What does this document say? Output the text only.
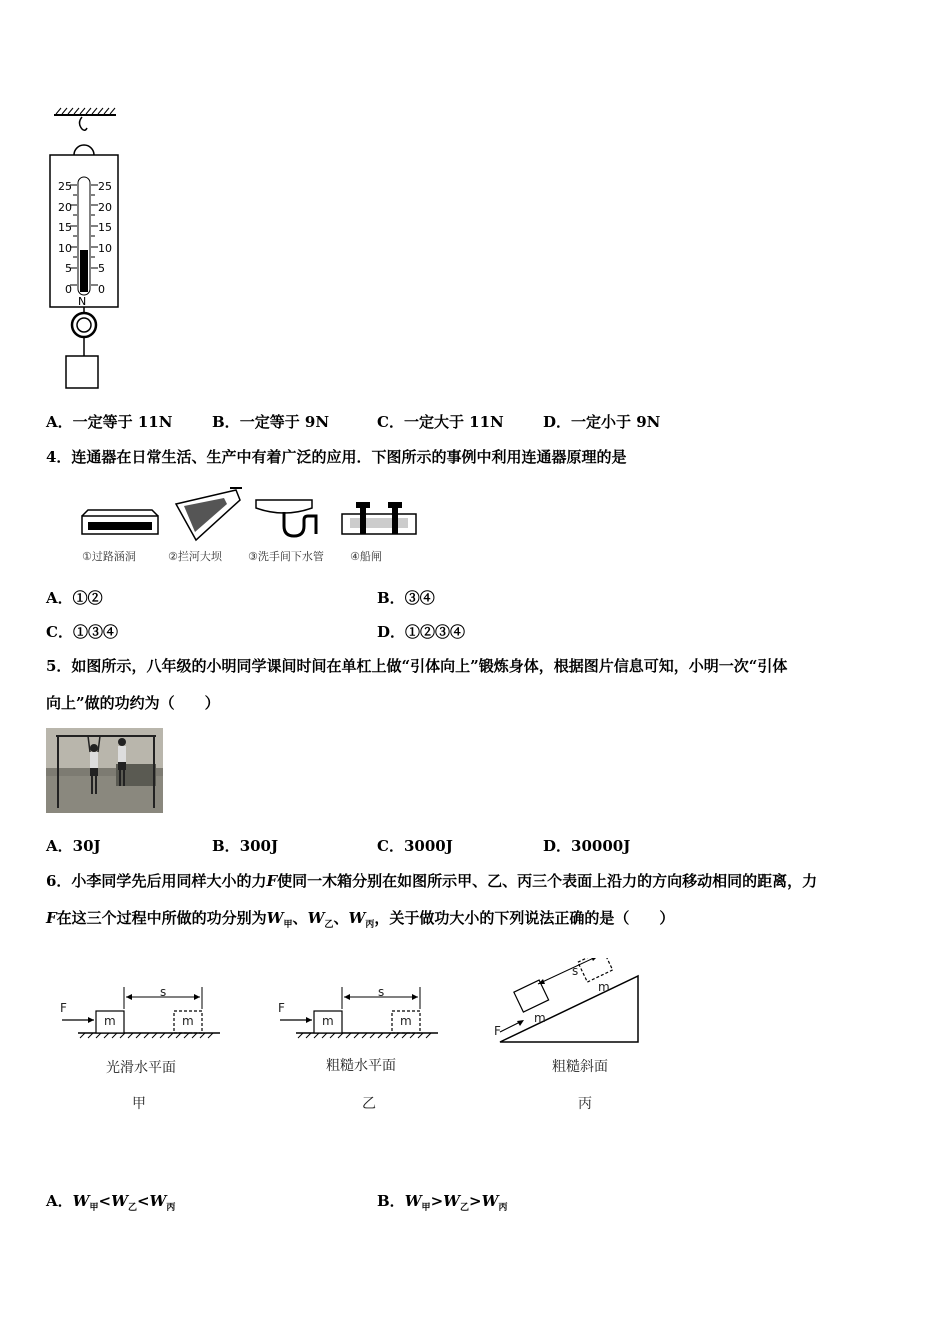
25
20
15
10
5
0
25
20
15
10
5
0
N
A．一定等于 11N	B．一定等于 9N	C．一定大于 11N	D．一定小于 9N
4．连通器在日常生活、生产中有着广泛的应用．下图所示的事例中利用连通器原理的是
①过路涵洞	②拦河大坝 ③洗手间下水管 ④船闸
A．①②	B．③④
C．①③④	D．①②③④
5．如图所示，八年级的小明同学课间时间在单杠上做“引体向上”锻炼身体，根据图片信息可知，小明一次“引体
向上”做的功约为（　　）
A．30J	B．300J	C．3000J	D．30000J
6．小李同学先后用同样大小的力F使同一木箱分别在如图所示甲、乙、丙三个表面上沿力的方向移动相同的距离，力
F在这三个过程中所做的功分别为$W_甲$、$W_乙$、$W_丙$，关于做功大小的下列说法正确的是（　　）
F
s
m	m
光滑水平面
甲
F
s
m	m
粗糙水平面
乙
F
s
m
m
粗糙斜面
丙
A．$W_甲<W_乙<W_丙$	B．$W_甲>W_乙>W_丙$
